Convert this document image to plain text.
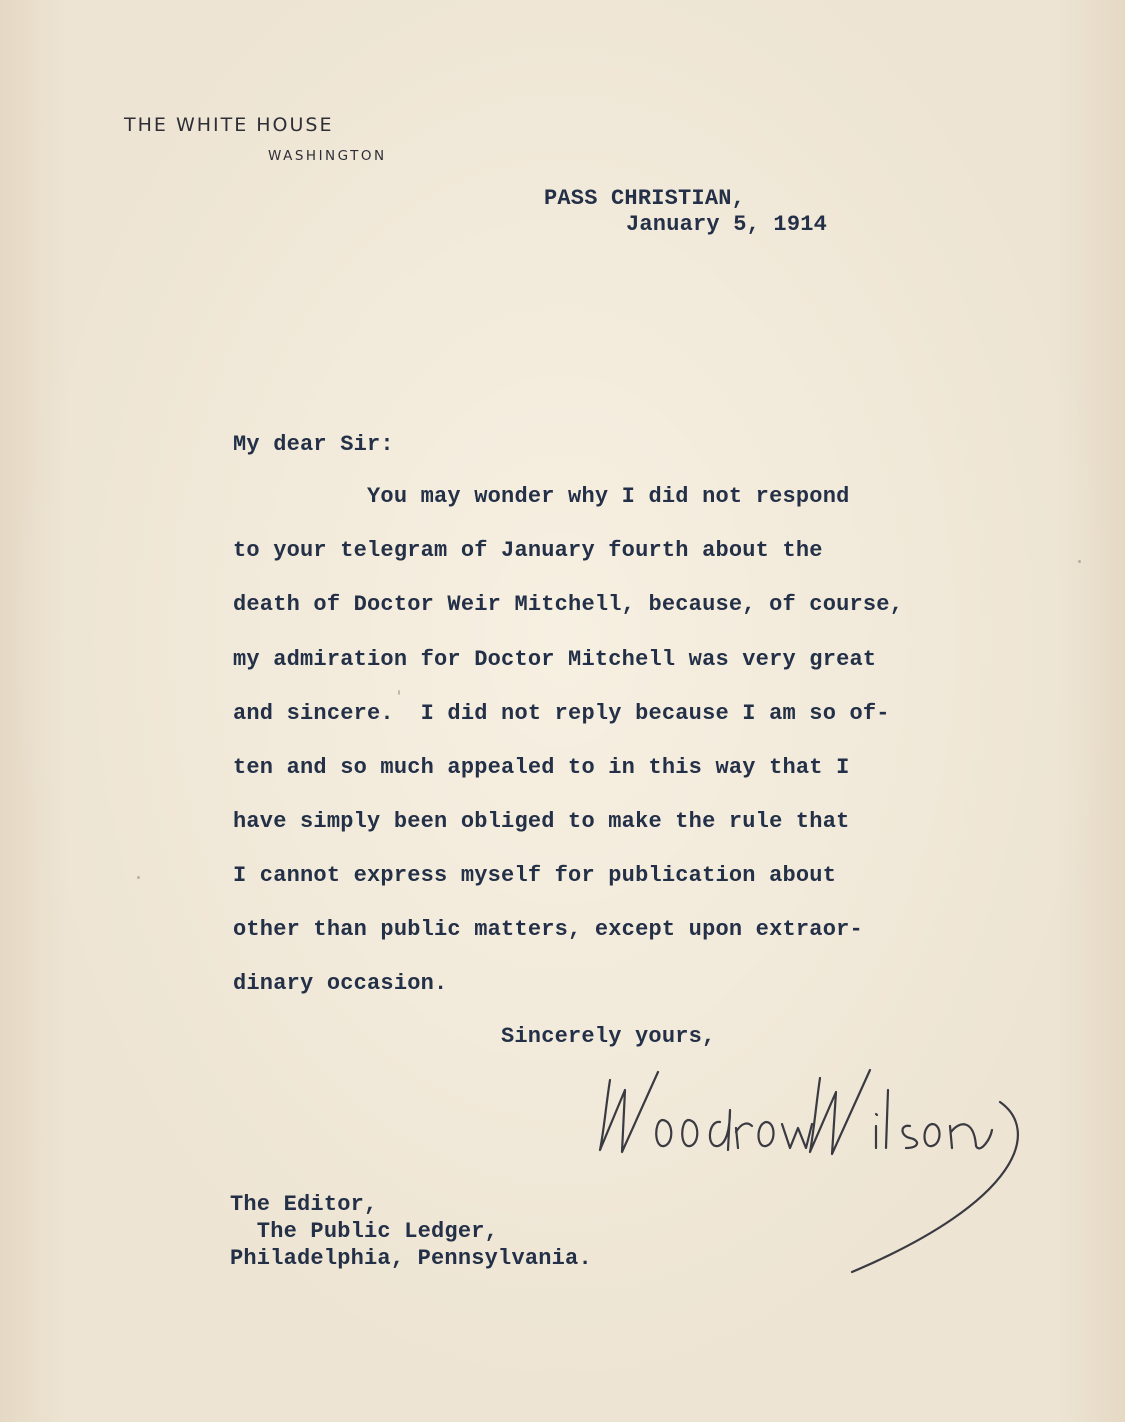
THE WHITE HOUSE
WASHINGTON
PASS CHRISTIAN,
January 5, 1914
My dear Sir:
You may wonder why I did not respond
to your telegram of January fourth about the
death of Doctor Weir Mitchell, because, of course,
my admiration for Doctor Mitchell was very great
and sincere.  I did not reply because I am so of-
ten and so much appealed to in this way that I
have simply been obliged to make the rule that
I cannot express myself for publication about
other than public matters, except upon extraor-
dinary occasion.
Sincerely yours,
The Editor,
The Public Ledger,
Philadelphia, Pennsylvania.
